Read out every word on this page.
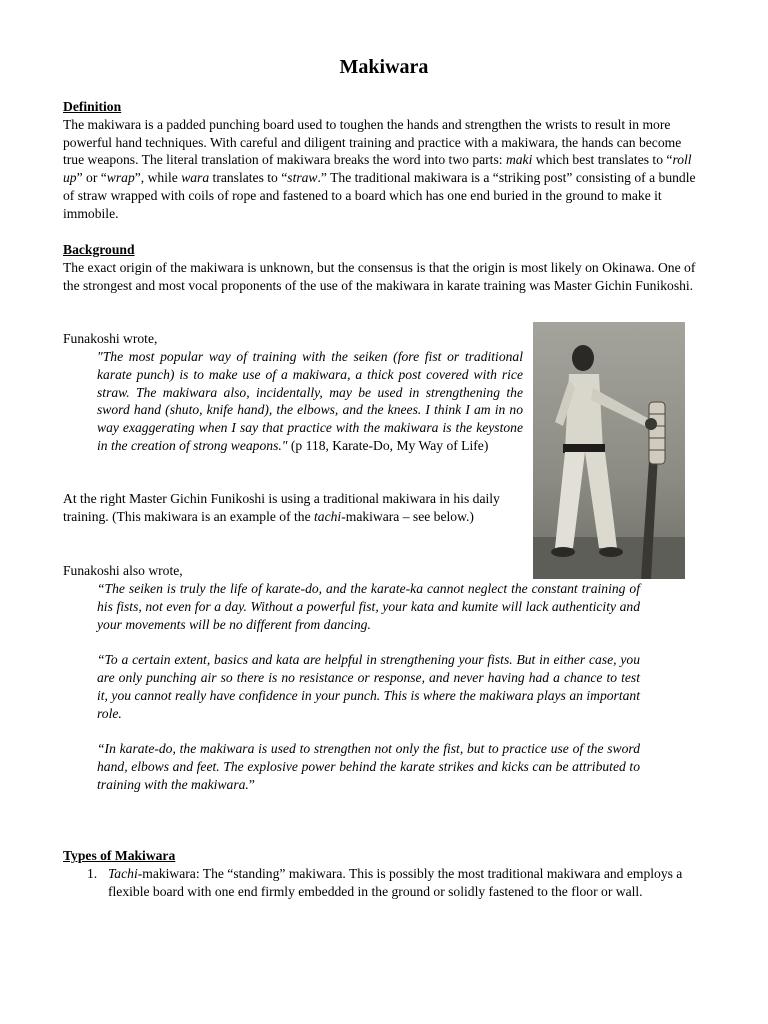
Makiwara
Definition
The makiwara is a padded punching board used to toughen the hands and strengthen the wrists to result in more powerful hand techniques. With careful and diligent training and practice with a makiwara, the hands can become true weapons. The literal translation of makiwara breaks the word into two parts: maki which best translates to “roll up” or “wrap”, while wara translates to “straw.” The traditional makiwara is a “striking post” consisting of a bundle of straw wrapped with coils of rope and fastened to a board which has one end buried in the ground to make it immobile.
Background
The exact origin of the makiwara is unknown, but the consensus is that the origin is most likely on Okinawa. One of the strongest and most vocal proponents of the use of the makiwara in karate training was Master Gichin Funikoshi.
Funakoshi wrote,
"The most popular way of training with the seiken (fore fist or traditional karate punch) is to make use of a makiwara, a thick post covered with rice straw. The makiwara also, incidentally, may be used in strengthening the sword hand (shuto, knife hand), the elbows, and the knees. I think I am in no way exaggerating when I say that practice with the makiwara is the keystone in the creation of strong weapons." (p 118, Karate-Do, My Way of Life)
At the right Master Gichin Funikoshi is using a traditional makiwara in his daily training. (This makiwara is an example of the tachi-makiwara – see below.)
Funakoshi also wrote,
“The seiken is truly the life of karate-do, and the karate-ka cannot neglect the constant training of his fists, not even for a day. Without a powerful fist, your kata and kumite will lack authenticity and your movements will be no different from dancing.
“To a certain extent, basics and kata are helpful in strengthening your fists. But in either case, you are only punching air so there is no resistance or response, and never having had a chance to test it, you cannot really have confidence in your punch. This is where the makiwara plays an important role.
“In karate-do, the makiwara is used to strengthen not only the fist, but to practice use of the sword hand, elbows and feet. The explosive power behind the karate strikes and kicks can be attributed to training with the makiwara.”
Types of Makiwara
1. Tachi-makiwara: The “standing” makiwara. This is possibly the most traditional makiwara and employs a flexible board with one end firmly embedded in the ground or solidly fastened to the floor or wall.
